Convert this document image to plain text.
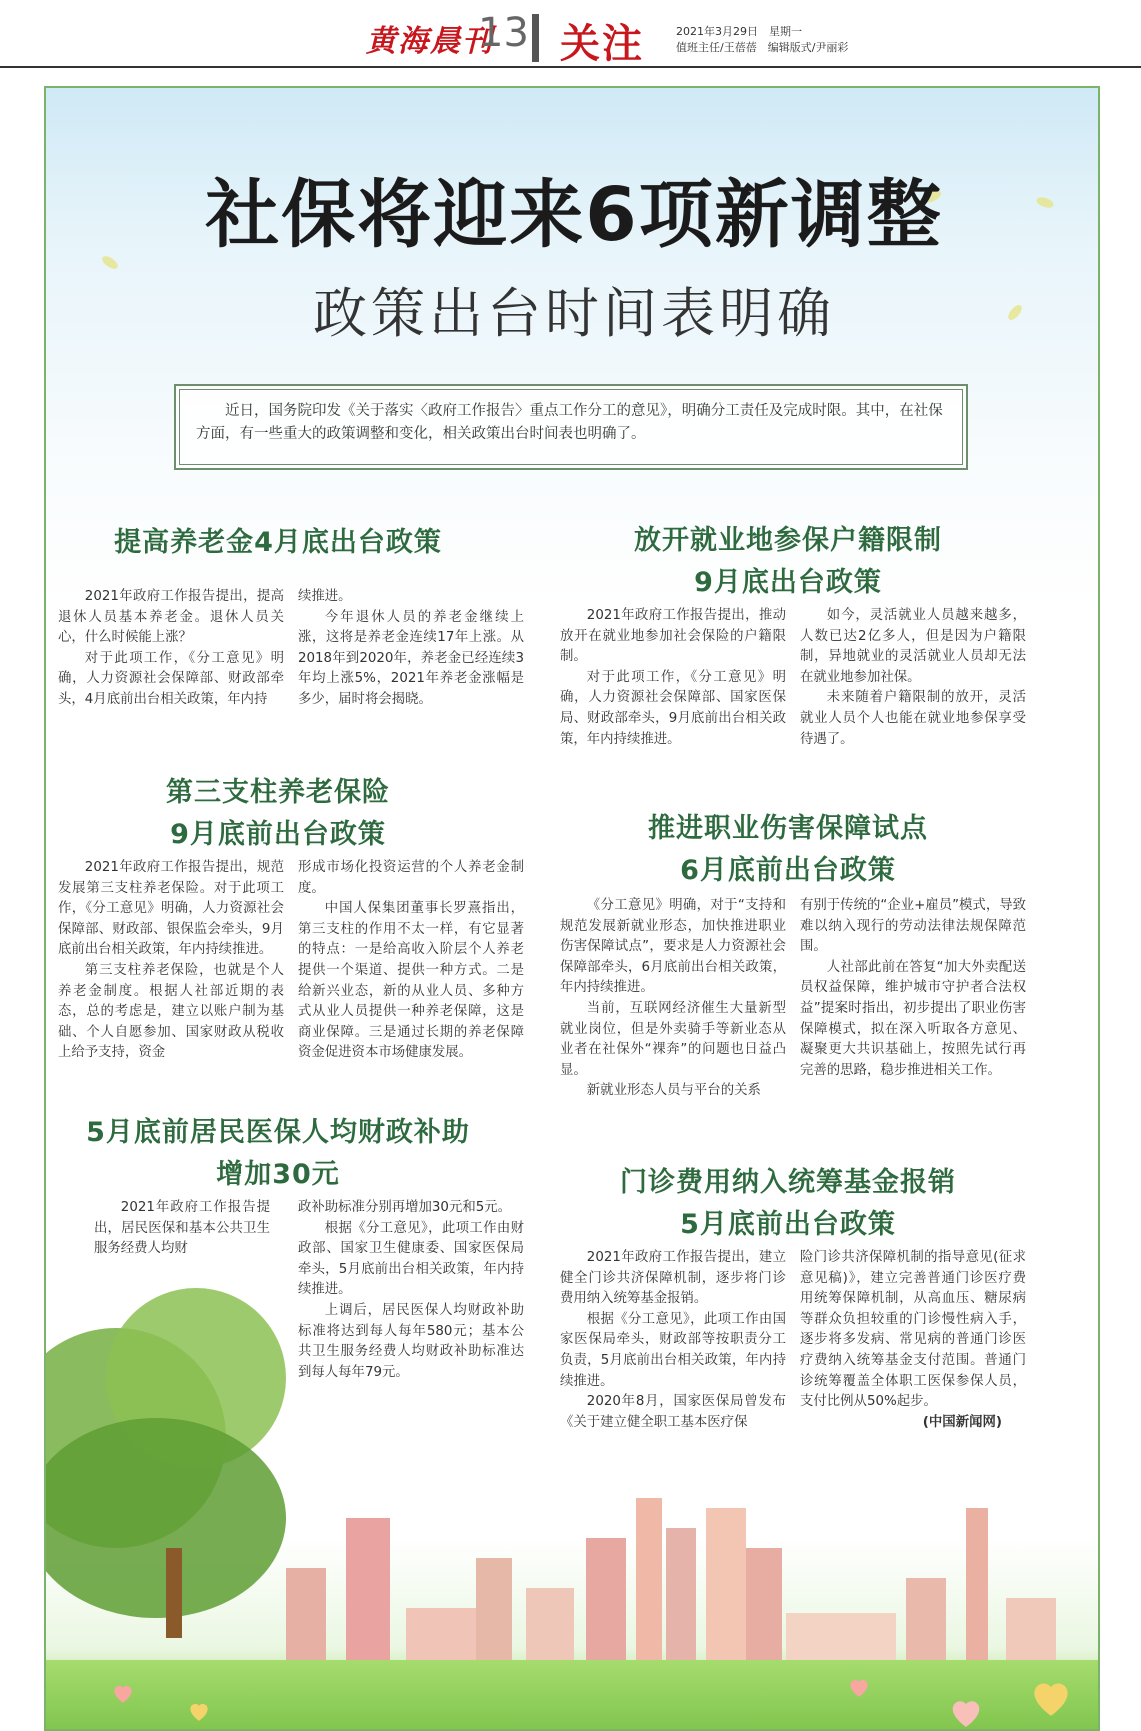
黄海晨刊
13 关注	2021年3月29日　星期一
值班主任/王蓓蓓　编辑版式/尹丽彩
社保将迎来6项新调整
政策出台时间表明确
近日，国务院印发《关于落实〈政府工作报告〉重点工作分工的意见》，明确分工责任及完成时限。其中，在社保方面，有一些重大的政策调整和变化，相关政策出台时间表也明确了。
提高养老金4月底出台政策

2021年政府工作报告提出，提高退休人员基本养老金。退休人员关心，什么时候能上涨？

对于此项工作，《分工意见》明确，人力资源社会保障部、财政部牵头，4月底前出台相关政策，年内持

续推进。

今年退休人员的养老金继续上涨，这将是养老金连续17年上涨。从2018年到2020年，养老金已经连续3年均上涨5%，2021年养老金涨幅是多少，届时将会揭晓。

放开就业地参保户籍限制
9月底出台政策

2021年政府工作报告提出，推动放开在就业地参加社会保险的户籍限制。

对于此项工作，《分工意见》明确，人力资源社会保障部、国家医保局、财政部牵头，9月底前出台相关政策，年内持续推进。

如今，灵活就业人员越来越多，人数已达2亿多人，但是因为户籍限制，异地就业的灵活就业人员却无法在就业地参加社保。

未来随着户籍限制的放开，灵活就业人员个人也能在就业地参保享受待遇了。

第三支柱养老保险
9月底前出台政策

2021年政府工作报告提出，规范发展第三支柱养老保险。对于此项工作，《分工意见》明确，人力资源社会保障部、财政部、银保监会牵头，9月底前出台相关政策，年内持续推进。

第三支柱养老保险，也就是个人养老金制度。根据人社部近期的表态，总的考虑是，建立以账户制为基础、个人自愿参加、国家财政从税收上给予支持，资金

形成市场化投资运营的个人养老金制度。

中国人保集团董事长罗熹指出，第三支柱的作用不太一样，有它显著的特点：一是给高收入阶层个人养老提供一个渠道、提供一种方式。二是给新兴业态，新的从业人员、多种方式从业人员提供一种养老保障，这是商业保障。三是通过长期的养老保障资金促进资本市场健康发展。

推进职业伤害保障试点
6月底前出台政策

《分工意见》明确，对于“支持和规范发展新就业形态，加快推进职业伤害保障试点”，要求是人力资源社会保障部牵头，6月底前出台相关政策，年内持续推进。

当前，互联网经济催生大量新型就业岗位，但是外卖骑手等新业态从业者在社保外“裸奔”的问题也日益凸显。

新就业形态人员与平台的关系

有别于传统的“企业+雇员”模式，导致难以纳入现行的劳动法律法规保障范围。

人社部此前在答复“加大外卖配送员权益保障，维护城市守护者合法权益”提案时指出，初步提出了职业伤害保障模式，拟在深入听取各方意见、凝聚更大共识基础上，按照先试行再完善的思路，稳步推进相关工作。

5月底前居民医保人均财政补助
增加30元

2021年政府工作报告提出，居民医保和基本公共卫生服务经费人均财

政补助标准分别再增加30元和5元。

根据《分工意见》，此项工作由财政部、国家卫生健康委、国家医保局牵头，5月底前出台相关政策，年内持续推进。

上调后，居民医保人均财政补助标准将达到每人每年580元；基本公共卫生服务经费人均财政补助标准达到每人每年79元。

门诊费用纳入统筹基金报销
5月底前出台政策

2021年政府工作报告提出，建立健全门诊共济保障机制，逐步将门诊费用纳入统筹基金报销。

根据《分工意见》，此项工作由国家医保局牵头，财政部等按职责分工负责，5月底前出台相关政策，年内持续推进。

2020年8月，国家医保局曾发布《关于建立健全职工基本医疗保

险门诊共济保障机制的指导意见(征求意见稿)》，建立完善普通门诊医疗费用统筹保障机制，从高血压、糖尿病等群众负担较重的门诊慢性病入手，逐步将多发病、常见病的普通门诊医疗费纳入统筹基金支付范围。普通门诊统筹覆盖全体职工医保参保人员，支付比例从50%起步。

(中国新闻网)
